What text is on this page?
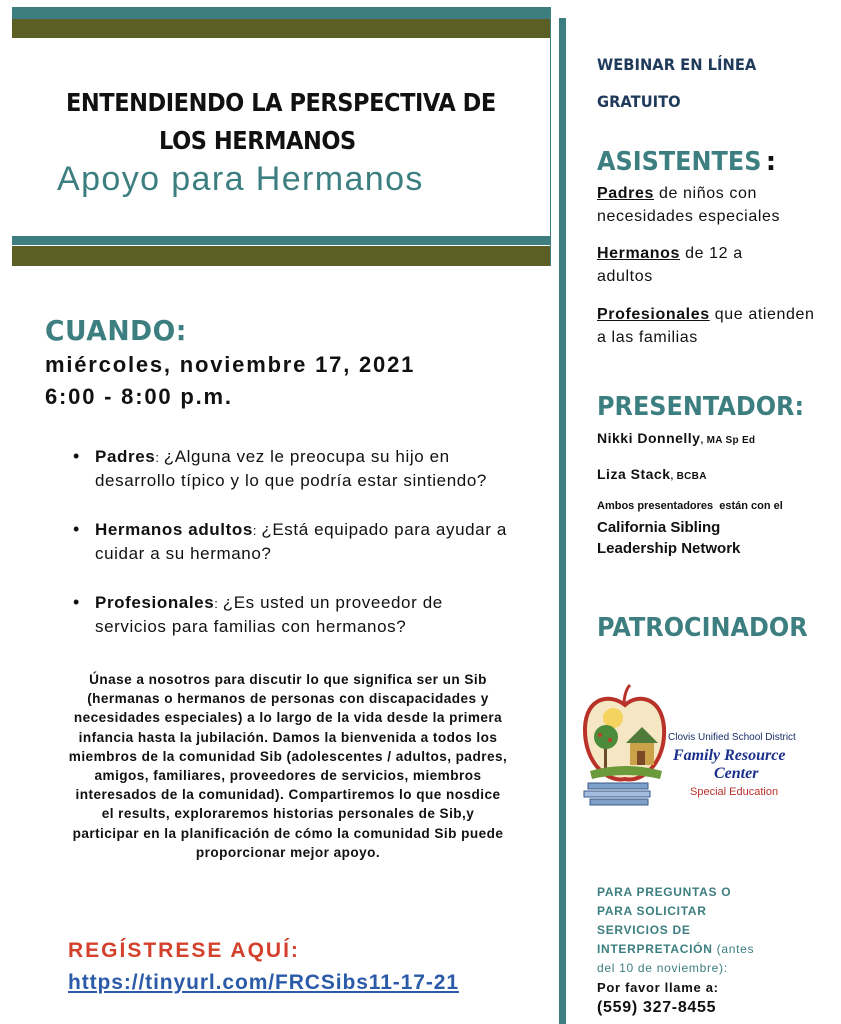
ENTENDIENDO LA PERSPECTIVA DE
LOS HERMANOS
Apoyo para Hermanos
CUANDO:
miércoles, noviembre 17, 2021
6:00 - 8:00 p.m.
• Padres: ¿Alguna vez le preocupa su hijo en desarrollo típico y lo que podría estar sintiendo?
• Hermanos adultos: ¿Está equipado para ayudar a cuidar a su hermano?
• Profesionales: ¿Es usted un proveedor de servicios para familias con hermanos?
Únase a nosotros para discutir lo que significa ser un Sib (hermanas o hermanos de personas con discapacidades y necesidades especiales) a lo largo de la vida desde la primera infancia hasta la jubilación. Damos la bienvenida a todos los miembros de la comunidad Sib (adolescentes / adultos, padres, amigos, familiares, proveedores de servicios, miembros interesados de la comunidad). Compartiremos lo que nosdice el results, exploraremos historias personales de Sib,y participar en la planificación de cómo la comunidad Sib puede proporcionar mejor apoyo.
REGÍSTRESE AQUÍ:
https://tinyurl.com/FRCSibs11-17-21
WEBINAR EN LÍNEA
GRATUITO
ASISTENTES :
Padres de niños con necesidades especiales
Hermanos de 12 a adultos
Profesionales que atienden a las familias
PRESENTADOR:
Nikki Donnelly, MA Sp Ed
Liza Stack, BCBA
Ambos presentadores  están con el
California Sibling Leadership Network
PATROCINADOR
Clovis Unified School District
Family Resource
Center
Special Education
PARA PREGUNTAS O
PARA SOLICITAR
SERVICIOS DE
INTERPRETACIÓN (antes
del 10 de noviembre):
Por favor llame a:
(559) 327-8455
